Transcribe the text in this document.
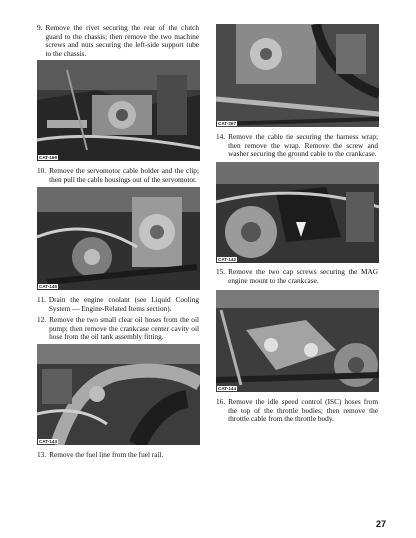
9. Remove the rivet securing the rear of the clutch guard to the chassis; then remove the two machine screws and nuts securing the left-side support tube to the chassis.
CAT-166
10. Remove the servomotor cable holder and the clip; then pull the cable housings out of the servomotor.
CAT-145
11. Drain the engine coolant (see Liquid Cooling System — Engine-Related Items section).
12. Remove the two small clear oil hoses from the oil pump; then remove the crankcase center cavity oil hose from the oil tank assembly fitting.
CAT-143
13. Remove the fuel line from the fuel rail.
CAT-267
14. Remove the cable tie securing the harness wrap; then remove the wrap. Remove the screw and washer securing the ground cable to the crankcase.
CAT-142
15. Remove the two cap screws securing the MAG engine mount to the crankcase.
CAT-144
16. Remove the idle speed control (ISC) hoses from the top of the throttle bodies; then remove the throttle cable from the throttle body.
27
